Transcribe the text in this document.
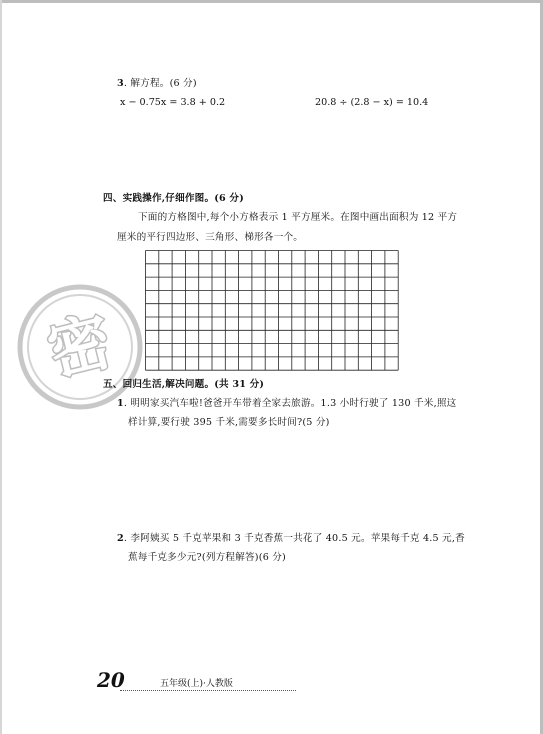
3. 解方程。(6 分)
x − 0.75x = 3.8 + 0.2	20.8 ÷ (2.8 − x) = 10.4
四、实践操作,仔细作图。(6 分)
下面的方格图中,每个小方格表示 1 平方厘米。在图中画出面积为 12 平方
厘米的平行四边形、三角形、梯形各一个。
密
五、回归生活,解决问题。(共 31 分)
1. 明明家买汽车啦!爸爸开车带着全家去旅游。1.3 小时行驶了 130 千米,照这
样计算,要行驶 395 千米,需要多长时间?(5 分)
2. 李阿姨买 5 千克苹果和 3 千克香蕉一共花了 40.5 元。苹果每千克 4.5 元,香
蕉每千克多少元?(列方程解答)(6 分)
20	五年级(上)·人教版
